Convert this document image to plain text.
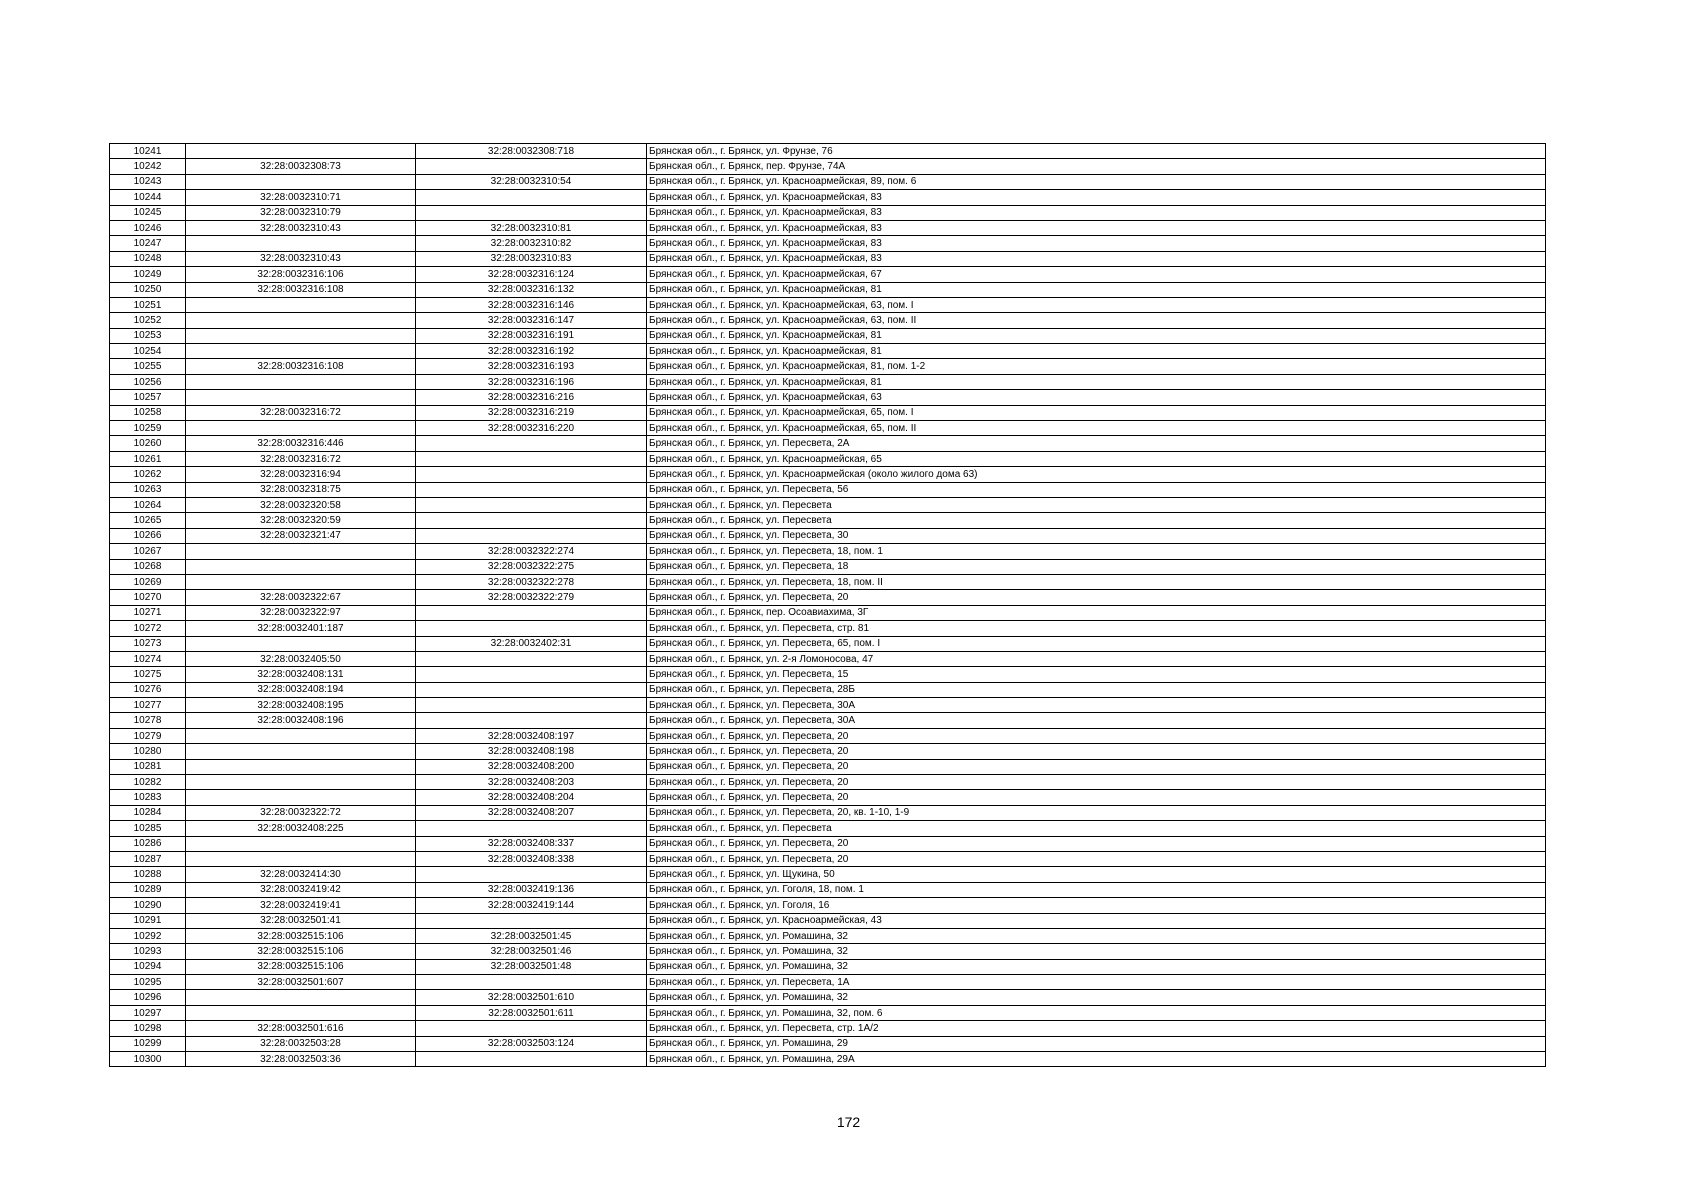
10241		32:28:0032308:718	Брянская обл., г. Брянск, ул. Фрунзе, 76
10242	32:28:0032308:73		Брянская обл., г. Брянск, пер. Фрунзе, 74А
10243		32:28:0032310:54	Брянская обл., г. Брянск, ул. Красноармейская, 89, пом. 6
10244	32:28:0032310:71		Брянская обл., г. Брянск, ул. Красноармейская, 83
10245	32:28:0032310:79		Брянская обл., г. Брянск, ул. Красноармейская, 83
10246	32:28:0032310:43	32:28:0032310:81	Брянская обл., г. Брянск, ул. Красноармейская, 83
10247		32:28:0032310:82	Брянская обл., г. Брянск, ул. Красноармейская, 83
10248	32:28:0032310:43	32:28:0032310:83	Брянская обл., г. Брянск, ул. Красноармейская, 83
10249	32:28:0032316:106	32:28:0032316:124	Брянская обл., г. Брянск, ул. Красноармейская, 67
10250	32:28:0032316:108	32:28:0032316:132	Брянская обл., г. Брянск, ул. Красноармейская, 81
10251		32:28:0032316:146	Брянская обл., г. Брянск, ул. Красноармейская, 63, пом. I
10252		32:28:0032316:147	Брянская обл., г. Брянск, ул. Красноармейская, 63, пом. II
10253		32:28:0032316:191	Брянская обл., г. Брянск, ул. Красноармейская, 81
10254		32:28:0032316:192	Брянская обл., г. Брянск, ул. Красноармейская, 81
10255	32:28:0032316:108	32:28:0032316:193	Брянская обл., г. Брянск, ул. Красноармейская, 81, пом. 1-2
10256		32:28:0032316:196	Брянская обл., г. Брянск, ул. Красноармейская, 81
10257		32:28:0032316:216	Брянская обл., г. Брянск, ул. Красноармейская, 63
10258	32:28:0032316:72	32:28:0032316:219	Брянская обл., г. Брянск, ул. Красноармейская, 65, пом. I
10259		32:28:0032316:220	Брянская обл., г. Брянск, ул. Красноармейская, 65, пом. II
10260	32:28:0032316:446		Брянская обл., г. Брянск, ул. Пересвета, 2А
10261	32:28:0032316:72		Брянская обл., г. Брянск, ул. Красноармейская, 65
10262	32:28:0032316:94		Брянская обл., г. Брянск, ул. Красноармейская (около жилого дома 63)
10263	32:28:0032318:75		Брянская обл., г. Брянск, ул. Пересвета, 56
10264	32:28:0032320:58		Брянская обл., г. Брянск, ул. Пересвета
10265	32:28:0032320:59		Брянская обл., г. Брянск, ул. Пересвета
10266	32:28:0032321:47		Брянская обл., г. Брянск, ул. Пересвета, 30
10267		32:28:0032322:274	Брянская обл., г. Брянск, ул. Пересвета, 18, пом. 1
10268		32:28:0032322:275	Брянская обл., г. Брянск, ул. Пересвета, 18
10269		32:28:0032322:278	Брянская обл., г. Брянск, ул. Пересвета, 18, пом. II
10270	32:28:0032322:67	32:28:0032322:279	Брянская обл., г. Брянск, ул. Пересвета, 20
10271	32:28:0032322:97		Брянская обл., г. Брянск, пер. Осоавиахима, 3Г
10272	32:28:0032401:187		Брянская обл., г. Брянск, ул. Пересвета, стр. 81
10273		32:28:0032402:31	Брянская обл., г. Брянск, ул. Пересвета, 65, пом. I
10274	32:28:0032405:50		Брянская обл., г. Брянск, ул. 2-я Ломоносова, 47
10275	32:28:0032408:131		Брянская обл., г. Брянск, ул. Пересвета, 15
10276	32:28:0032408:194		Брянская обл., г. Брянск, ул. Пересвета, 28Б
10277	32:28:0032408:195		Брянская обл., г. Брянск, ул. Пересвета, 30А
10278	32:28:0032408:196		Брянская обл., г. Брянск, ул. Пересвета, 30А
10279		32:28:0032408:197	Брянская обл., г. Брянск, ул. Пересвета, 20
10280		32:28:0032408:198	Брянская обл., г. Брянск, ул. Пересвета, 20
10281		32:28:0032408:200	Брянская обл., г. Брянск, ул. Пересвета, 20
10282		32:28:0032408:203	Брянская обл., г. Брянск, ул. Пересвета, 20
10283		32:28:0032408:204	Брянская обл., г. Брянск, ул. Пересвета, 20
10284	32:28:0032322:72	32:28:0032408:207	Брянская обл., г. Брянск, ул. Пересвета, 20, кв. 1-10, 1-9
10285	32:28:0032408:225		Брянская обл., г. Брянск, ул. Пересвета
10286		32:28:0032408:337	Брянская обл., г. Брянск, ул. Пересвета, 20
10287		32:28:0032408:338	Брянская обл., г. Брянск, ул. Пересвета, 20
10288	32:28:0032414:30		Брянская обл., г. Брянск, ул. Щукина, 50
10289	32:28:0032419:42	32:28:0032419:136	Брянская обл., г. Брянск, ул. Гоголя, 18, пом. 1
10290	32:28:0032419:41	32:28:0032419:144	Брянская обл., г. Брянск, ул. Гоголя, 16
10291	32:28:0032501:41		Брянская обл., г. Брянск, ул. Красноармейская, 43
10292	32:28:0032515:106	32:28:0032501:45	Брянская обл., г. Брянск, ул. Ромашина, 32
10293	32:28:0032515:106	32:28:0032501:46	Брянская обл., г. Брянск, ул. Ромашина, 32
10294	32:28:0032515:106	32:28:0032501:48	Брянская обл., г. Брянск, ул. Ромашина, 32
10295	32:28:0032501:607		Брянская обл., г. Брянск, ул. Пересвета, 1А
10296		32:28:0032501:610	Брянская обл., г. Брянск, ул. Ромашина, 32
10297		32:28:0032501:611	Брянская обл., г. Брянск, ул. Ромашина, 32, пом. 6
10298	32:28:0032501:616		Брянская обл., г. Брянск, ул. Пересвета, стр. 1А/2
10299	32:28:0032503:28	32:28:0032503:124	Брянская обл., г. Брянск, ул. Ромашина, 29
10300	32:28:0032503:36		Брянская обл., г. Брянск, ул. Ромашина, 29А
172
